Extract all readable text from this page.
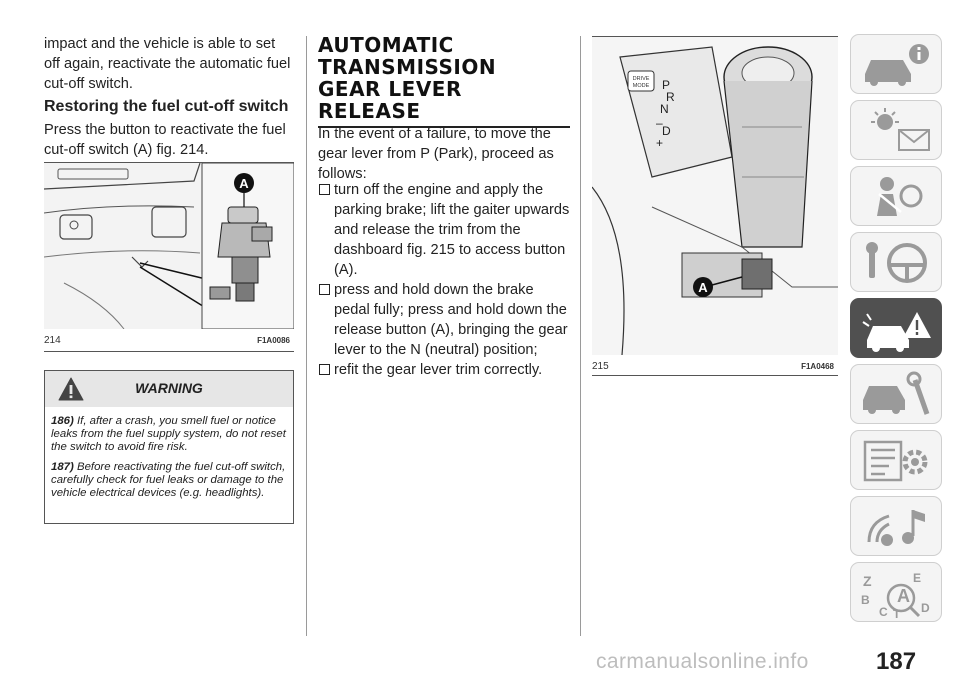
impact and the vehicle is able to set off again, reactivate the automatic fuel cut-off switch.

Restoring the fuel cut-off switch

Press the button to reactivate the fuel cut-off switch (A) fig. 214.

A
214	F1A0086
WARNING
186) If, after a crash, you smell fuel or notice leaks from the fuel supply system, do not reset the switch to avoid fire risk.
187) Before reactivating the fuel cut-off switch, carefully check for fuel leaks or damage to the vehicle electrical devices (e.g. headlights).
AUTOMATIC
TRANSMISSION
GEAR LEVER
RELEASE

In the event of a failure, to move the gear lever from P (Park), proceed as follows:

turn off the engine and apply the parking brake; lift the gaiter upwards and release the trim from the dashboard fig. 215 to access button (A).
press and hold down the brake pedal fully; press and hold down the release button (A), bringing the gear lever to the N (neutral) position;
refit the gear lever trim correctly.
DRIVE
MODE P
R
N
–
D
+
A
215	F1A0468
Z	E
B A
C T D
carmanualsonline.info	187
